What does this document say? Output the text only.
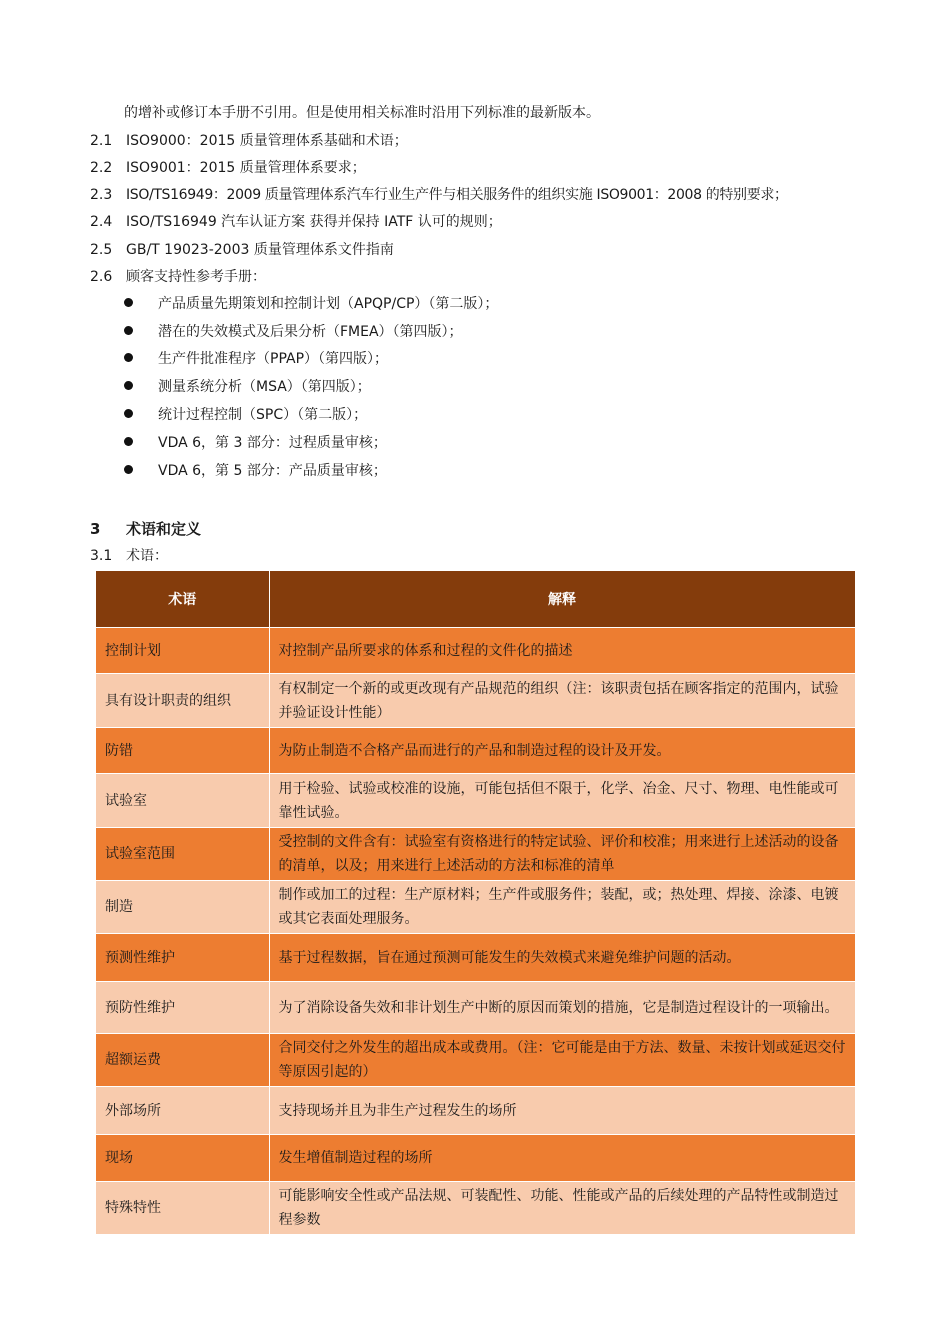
的增补或修订本手册不引用。但是使用相关标准时沿用下列标准的最新版本。
2.1 ISO9000：2015 质量管理体系基础和术语；
2.2 ISO9001：2015 质量管理体系要求；
2.3 ISO/TS16949：2009 质量管理体系汽车行业生产件与相关服务件的组织实施 ISO9001：2008 的特别要求；
2.4 ISO/TS16949 汽车认证方案 获得并保持 IATF 认可的规则；
2.5 GB/T 19023-2003 质量管理体系文件指南
2.6 顾客支持性参考手册：
产品质量先期策划和控制计划（APQP/CP）（第二版）；
潜在的失效模式及后果分析（FMEA）（第四版）；
生产件批准程序（PPAP）（第四版）；
测量系统分析（MSA）（第四版）；
统计过程控制（SPC）（第二版）；
VDA 6，第 3 部分：过程质量审核；
VDA 6，第 5 部分：产品质量审核；
3 术语和定义
3.1 术语：
术语	解释
控制计划	对控制产品所要求的体系和过程的文件化的描述
具有设计职责的组织	有权制定一个新的或更改现有产品规范的组织（注：该职责包括在顾客指定的范围内，试验并验证设计性能）
防错	为防止制造不合格产品而进行的产品和制造过程的设计及开发。
试验室	用于检验、试验或校准的设施，可能包括但不限于，化学、冶金、尺寸、物理、电性能或可靠性试验。
试验室范围	受控制的文件含有：试验室有资格进行的特定试验、评价和校准；用来进行上述活动的设备的清单，以及；用来进行上述活动的方法和标准的清单
制造	制作或加工的过程：生产原材料；生产件或服务件；装配，或；热处理、焊接、涂漆、电镀或其它表面处理服务。
预测性维护	基于过程数据，旨在通过预测可能发生的失效模式来避免维护问题的活动。
预防性维护	为了消除设备失效和非计划生产中断的原因而策划的措施，它是制造过程设计的一项输出。
超额运费	合同交付之外发生的超出成本或费用。（注：它可能是由于方法、数量、未按计划或延迟交付等原因引起的）
外部场所	支持现场并且为非生产过程发生的场所
现场	发生增值制造过程的场所
特殊特性	可能影响安全性或产品法规、可装配性、功能、性能或产品的后续处理的产品特性或制造过程参数
